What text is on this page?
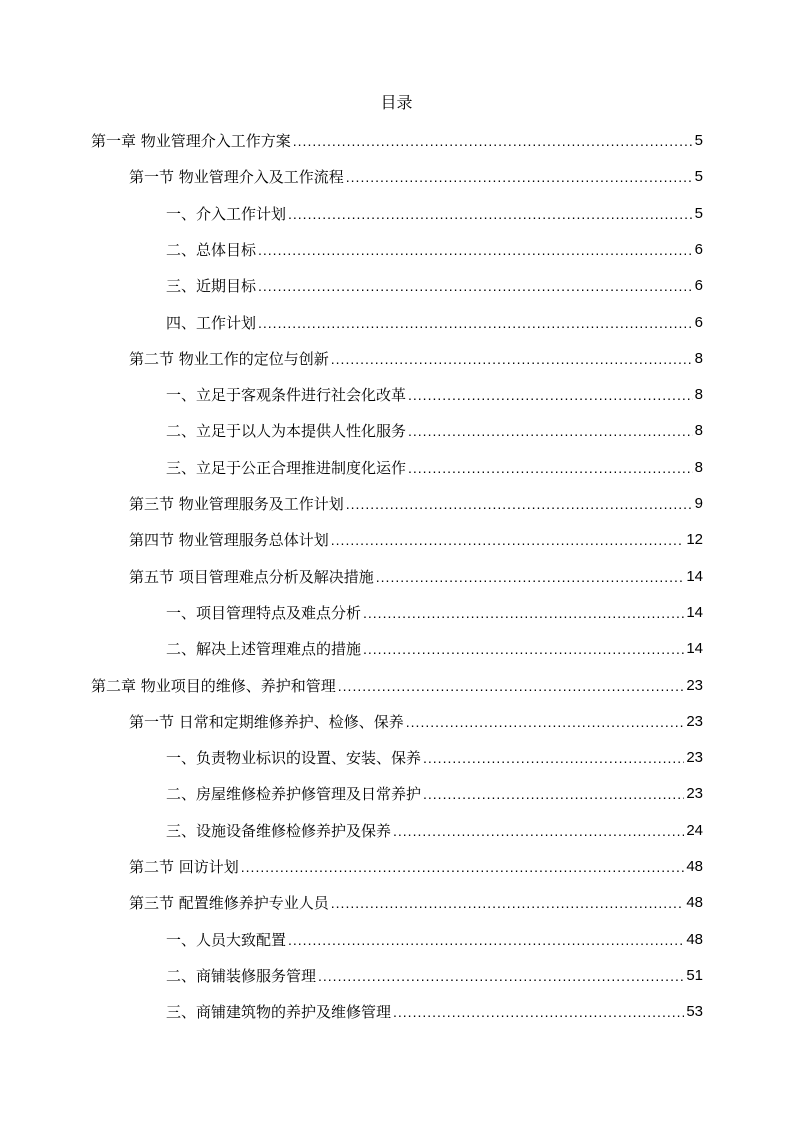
目录
第一章 物业管理介入工作方案 .....	5
第一节 物业管理介入及工作流程 .....	5
一、介入工作计划 .....	5
二、总体目标 .....	6
三、近期目标 .....	6
四、工作计划 .....	6
第二节 物业工作的定位与创新 .....	8
一、立足于客观条件进行社会化改革 .....	8
二、立足于以人为本提供人性化服务 .....	8
三、立足于公正合理推进制度化运作 .....	8
第三节 物业管理服务及工作计划 .....	9
第四节 物业管理服务总体计划 .....	12
第五节 项目管理难点分析及解决措施 .....	14
一、项目管理特点及难点分析 .....	14
二、解决上述管理难点的措施 .....	14
第二章 物业项目的维修、养护和管理 .....	23
第一节 日常和定期维修养护、检修、保养 .....	23
一、负责物业标识的设置、安装、保养 .....	23
二、房屋维修检养护修管理及日常养护 .....	23
三、设施设备维修检修养护及保养 .....	24
第二节 回访计划 .....	48
第三节 配置维修养护专业人员 .....	48
一、人员大致配置 .....	48
二、商铺装修服务管理 .....	51
三、商铺建筑物的养护及维修管理 .....	53
